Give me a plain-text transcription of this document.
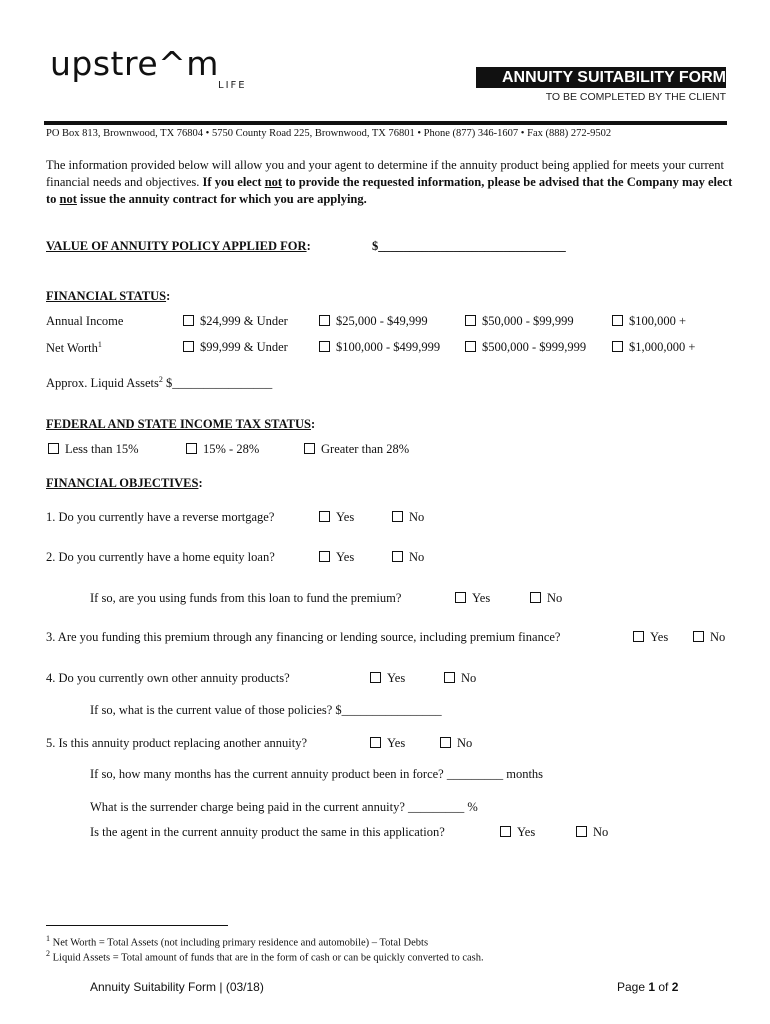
upstre^m
LIFE	ANNUITY SUITABILITY FORM
TO BE COMPLETED BY THE CLIENT
PO Box 813, Brownwood, TX 76804 • 5750 County Road 225, Brownwood, TX 76801 • Phone (877) 346-1607 • Fax (888) 272-9502
The information provided below will allow you and your agent to determine if the annuity product being applied for meets your current financial needs and objectives. If you elect not to provide the requested information, please be advised that the Company may elect to not issue the annuity contract for which you are applying.
VALUE OF ANNUITY POLICY APPLIED FOR:	$______________________________
FINANCIAL STATUS:
Annual Income	$24,999 & Under	$25,000 - $49,999	$50,000 - $99,999	$100,000 +
Net Worth$^1$	$99,999 & Under	$100,000 - $499,999	$500,000 - $999,999	$1,000,000 +
Approx. Liquid Assets$^2$ $________________
FEDERAL AND STATE INCOME TAX STATUS:
Less than 15%	15% - 28%	Greater than 28%
FINANCIAL OBJECTIVES:
1. Do you currently have a reverse mortgage?	Yes	No
2. Do you currently have a home equity loan?	Yes	No
If so, are you using funds from this loan to fund the premium?	Yes	No
3. Are you funding this premium through any financing or lending source, including premium finance?	Yes	No
4. Do you currently own other annuity products?	Yes	No
If so, what is the current value of those policies? $________________
5. Is this annuity product replacing another annuity?	Yes	No
If so, how many months has the current annuity product been in force? _________ months
What is the surrender charge being paid in the current annuity? _________ %
Is the agent in the current annuity product the same in this application?	Yes	No
$^1$ Net Worth = Total Assets (not including primary residence and automobile) – Total Debts
$^2$ Liquid Assets = Total amount of funds that are in the form of cash or can be quickly converted to cash.
Annuity Suitability Form | (03/18)	Page 1 of 2
